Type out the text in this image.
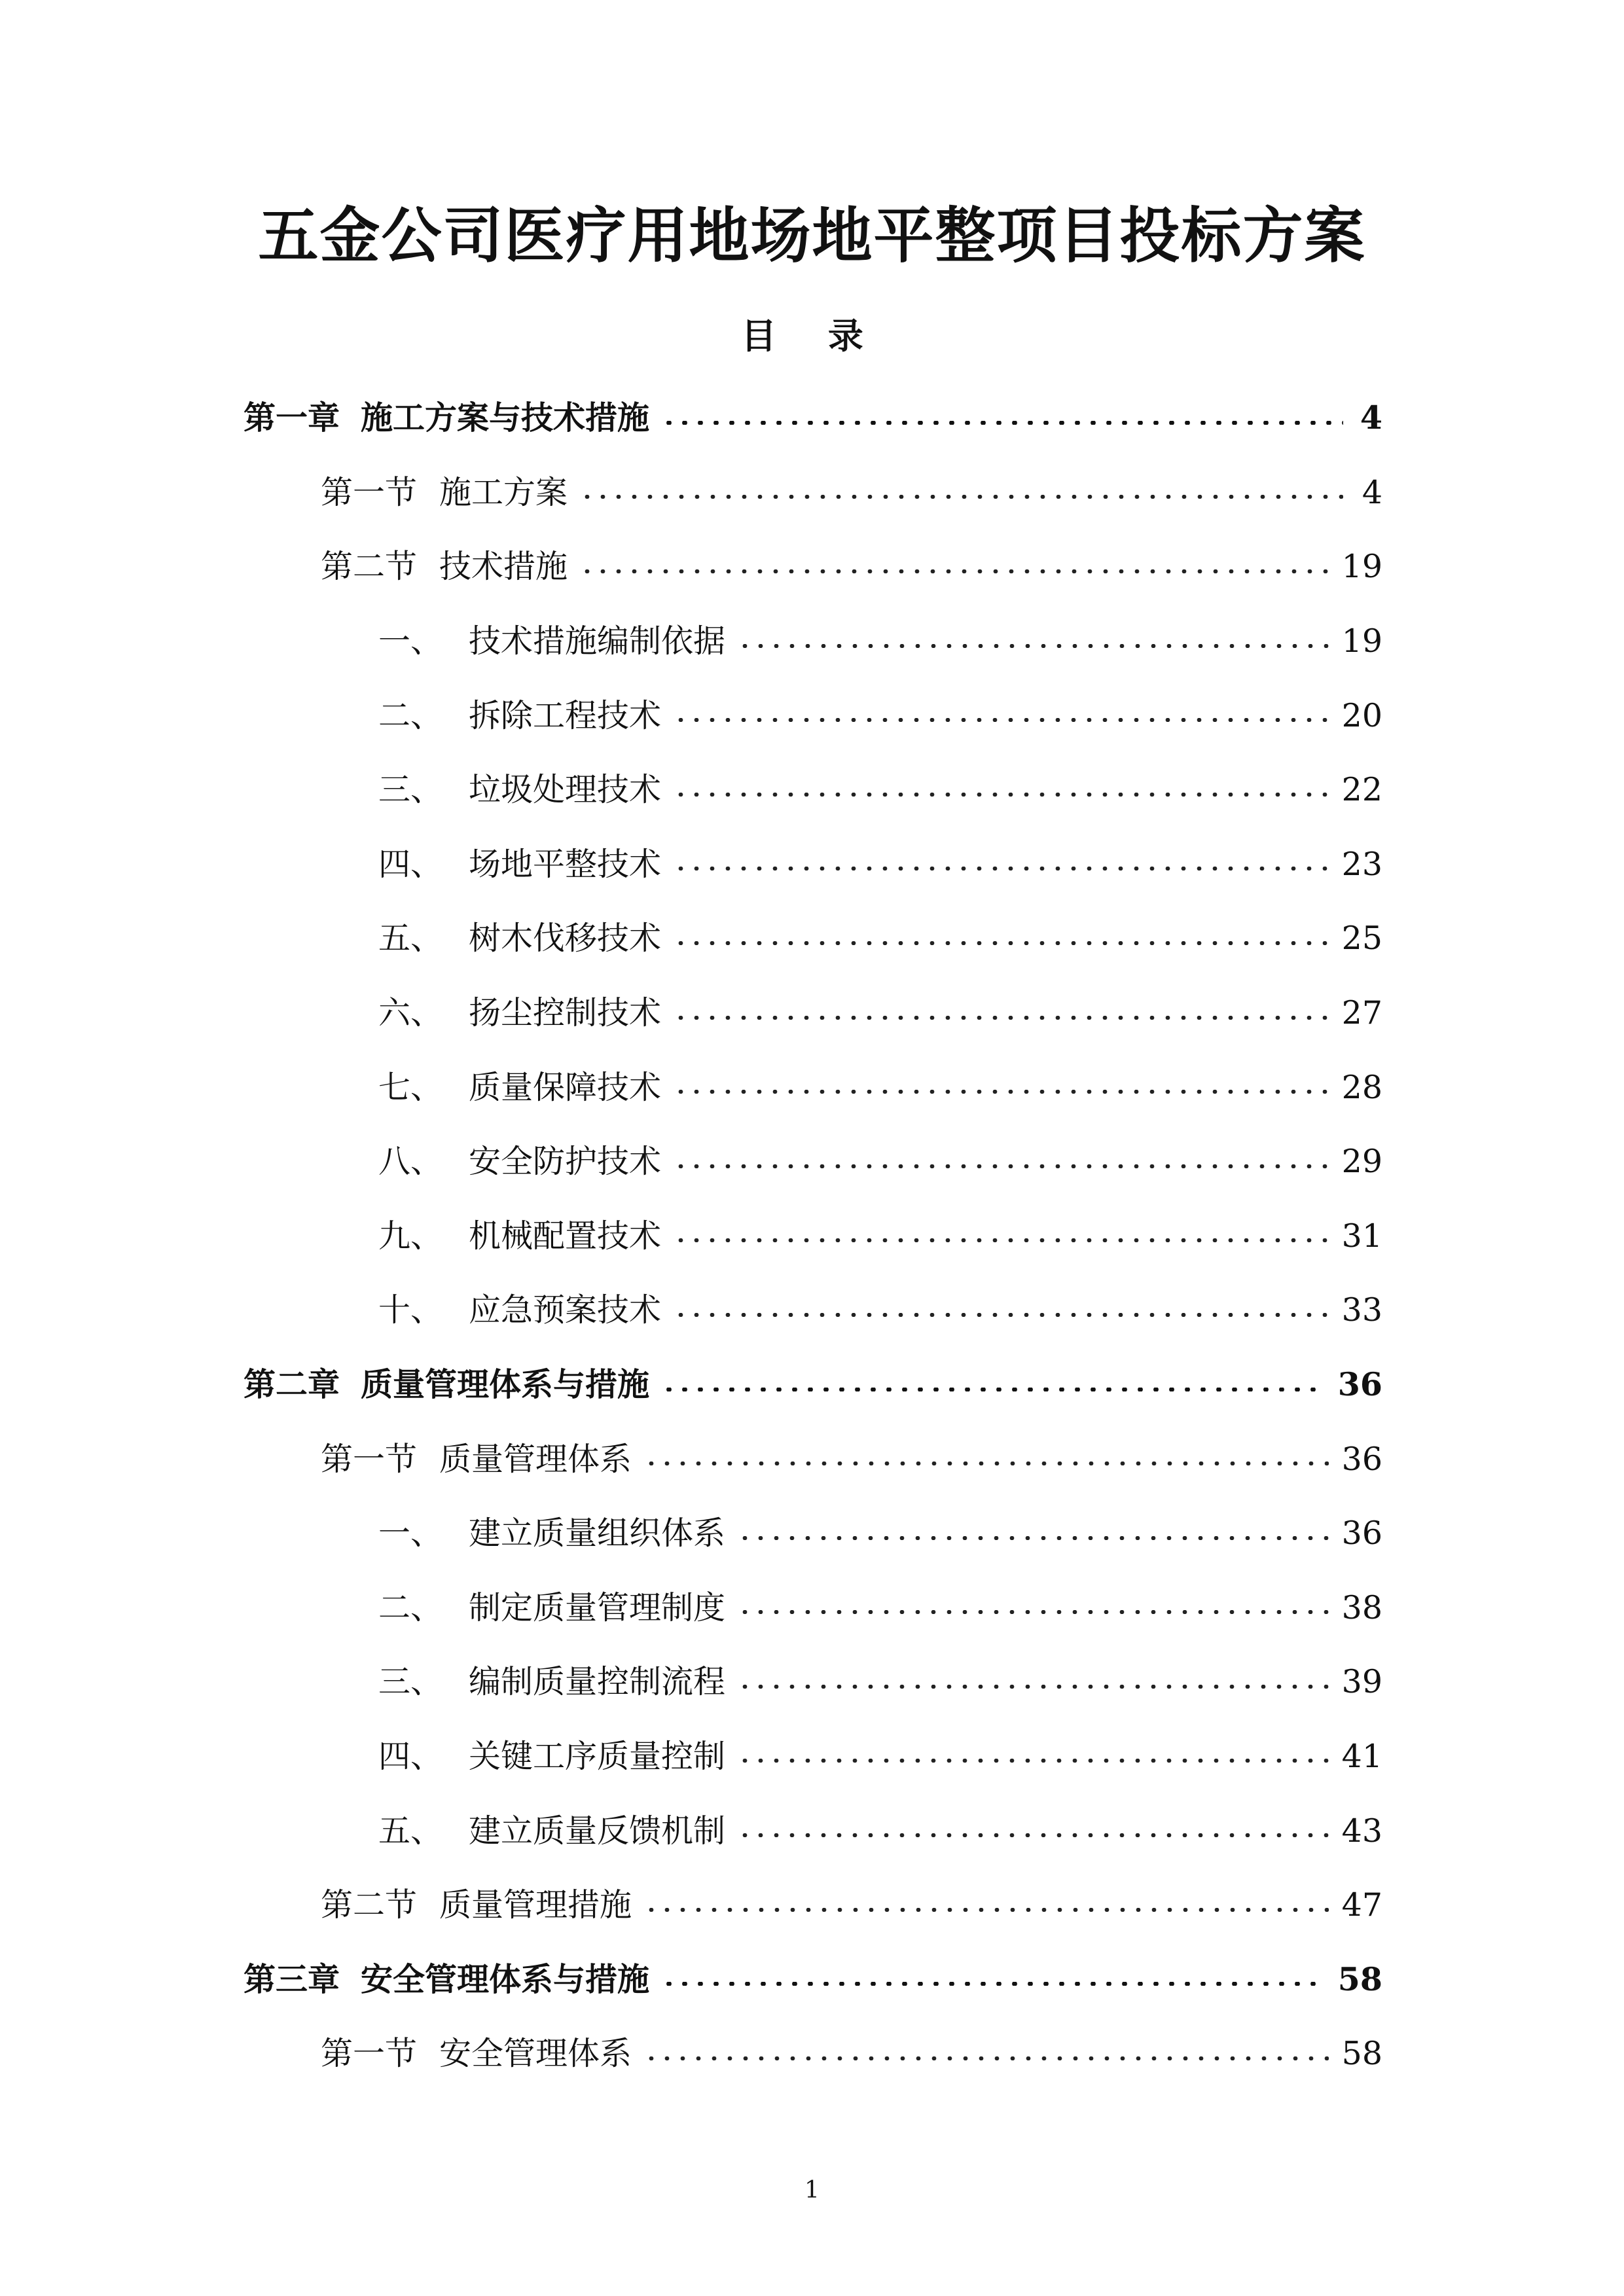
五金公司医疗用地场地平整项目投标方案
目 录
第一章 施工方案与技术措施	4
第一节 施工方案	4
第二节 技术措施	19
一、 技术措施编制依据	19
二、 拆除工程技术	20
三、 垃圾处理技术	22
四、 场地平整技术	23
五、 树木伐移技术	25
六、 扬尘控制技术	27
七、 质量保障技术	28
八、 安全防护技术	29
九、 机械配置技术	31
十、 应急预案技术	33
第二章 质量管理体系与措施	36
第一节 质量管理体系	36
一、 建立质量组织体系	36
二、 制定质量管理制度	38
三、 编制质量控制流程	39
四、 关键工序质量控制	41
五、 建立质量反馈机制	43
第二节 质量管理措施	47
第三章 安全管理体系与措施	58
第一节 安全管理体系	58
1
